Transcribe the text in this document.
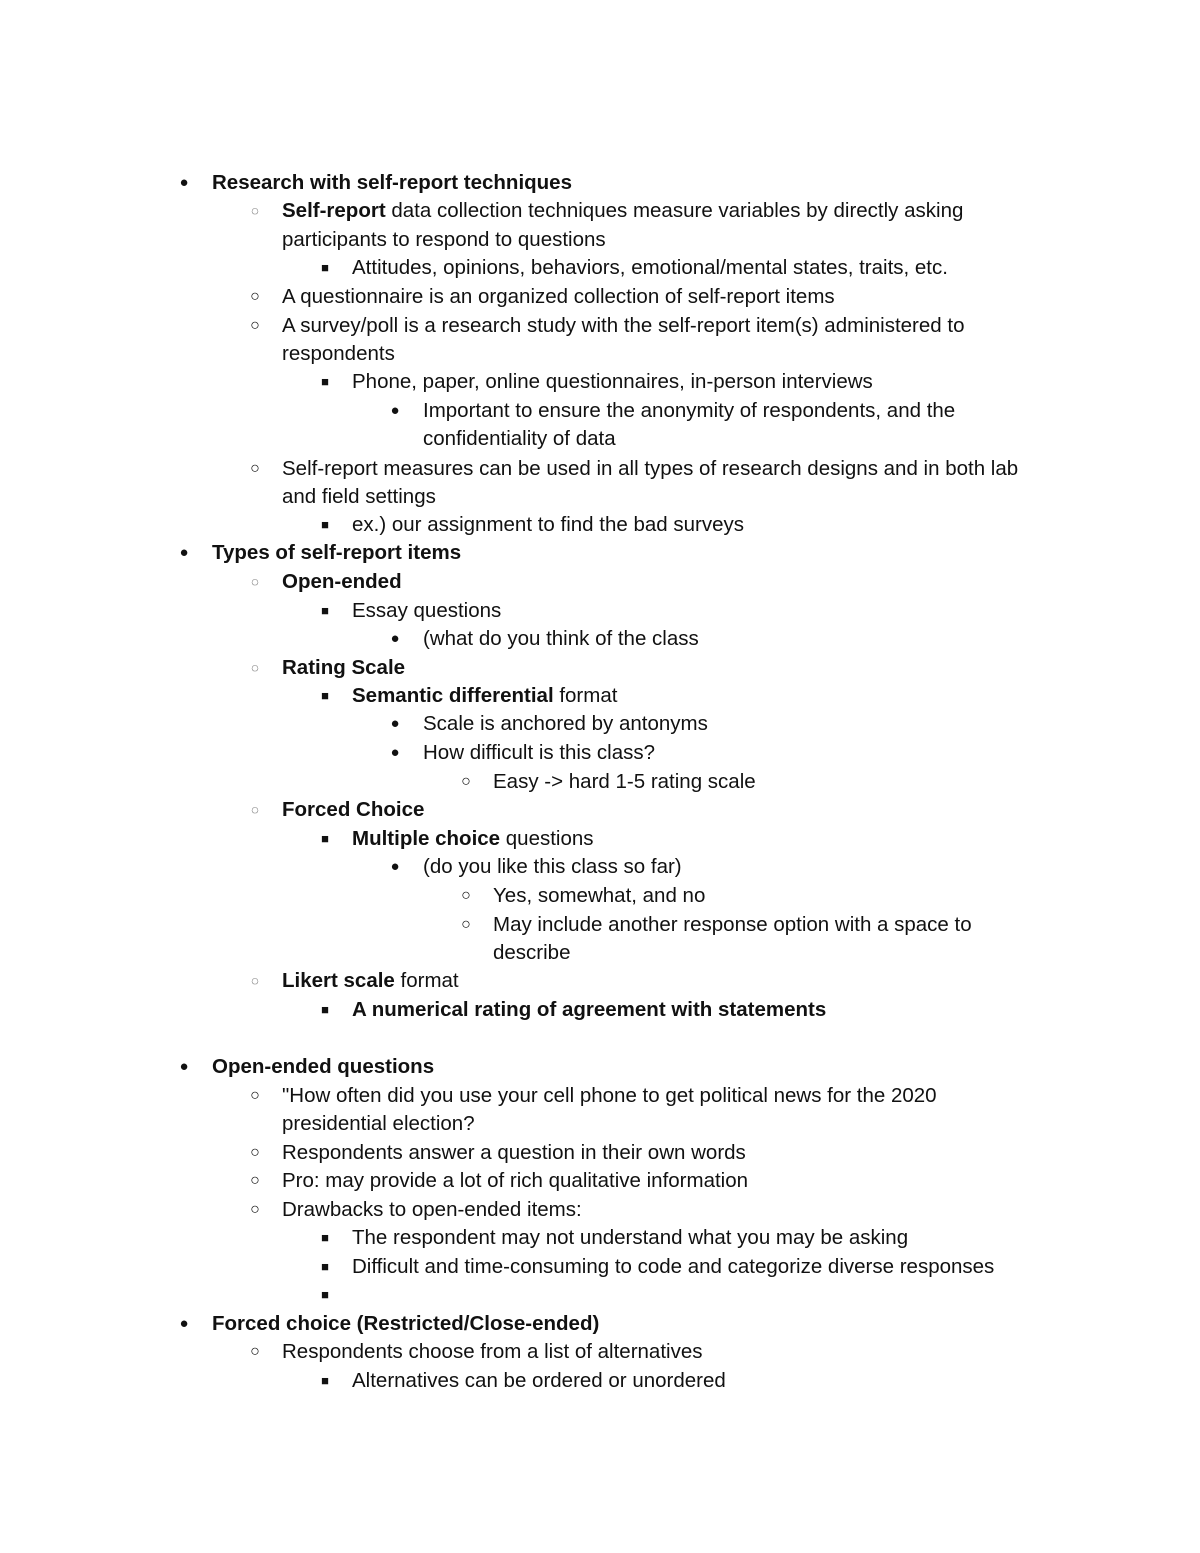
● Research with self-report techniques
◌ Self-report data collection techniques measure variables by directly asking
participants to respond to questions
■ Attitudes, opinions, behaviors, emotional/mental states, traits, etc.
○ A questionnaire is an organized collection of self-report items
○ A survey/poll is a research study with the self-report item(s) administered to
respondents
■ Phone, paper, online questionnaires, in-person interviews
● Important to ensure the anonymity of respondents, and the
confidentiality of data
○ Self-report measures can be used in all types of research designs and in both lab
and field settings
■ ex.) our assignment to find the bad surveys
● Types of self-report items
◌ Open-ended
■ Essay questions
● (what do you think of the class
◌ Rating Scale
■ Semantic differential format
● Scale is anchored by antonyms
● How difficult is this class?
○ Easy -> hard 1-5 rating scale
◌ Forced Choice
■ Multiple choice questions
● (do you like this class so far)
○ Yes, somewhat, and no
○ May include another response option with a space to
describe
◌ Likert scale format
■ A numerical rating of agreement with statements
● Open-ended questions
○ "How often did you use your cell phone to get political news for the 2020
presidential election?
○ Respondents answer a question in their own words
○ Pro: may provide a lot of rich qualitative information
○ Drawbacks to open-ended items:
■ The respondent may not understand what you may be asking
■ Difficult and time-consuming to code and categorize diverse responses
■
● Forced choice (Restricted/Close-ended)
○ Respondents choose from a list of alternatives
■ Alternatives can be ordered or unordered
